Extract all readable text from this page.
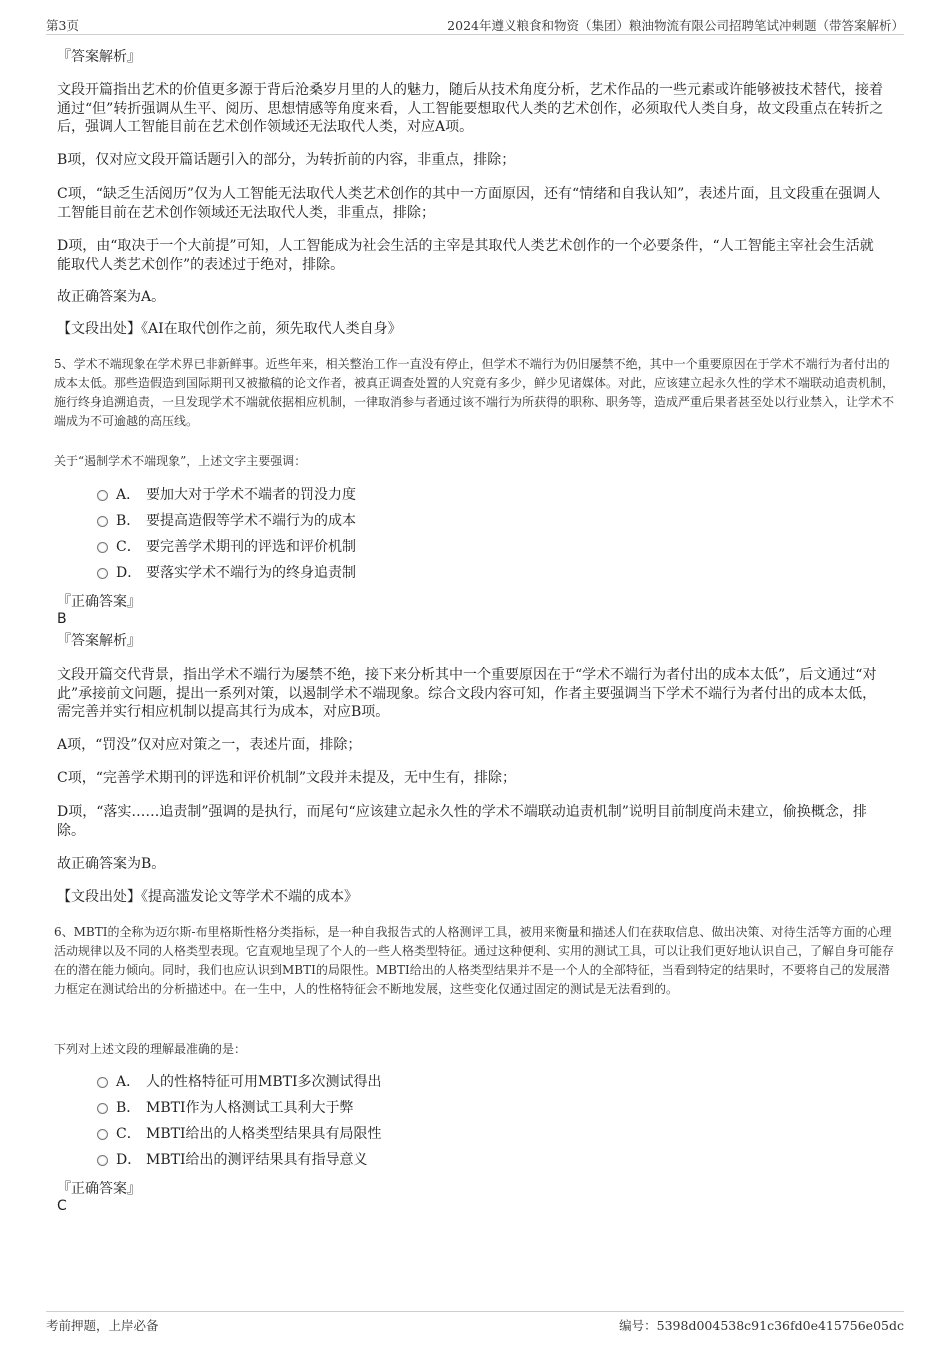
第3页	2024年遵义粮食和物资（集团）粮油物流有限公司招聘笔试冲刺题（带答案解析）
『答案解析』
文段开篇指出艺术的价值更多源于背后沧桑岁月里的人的魅力，随后从技术角度分析，艺术作品的一些元素或许能够被技术替代，接着通过“但”转折强调从生平、阅历、思想情感等角度来看，人工智能要想取代人类的艺术创作，必须取代人类自身，故文段重点在转折之后，强调人工智能目前在艺术创作领域还无法取代人类，对应A项。
B项，仅对应文段开篇话题引入的部分，为转折前的内容，非重点，排除；
C项，“缺乏生活阅历”仅为人工智能无法取代人类艺术创作的其中一方面原因，还有“情绪和自我认知”，表述片面，且文段重在强调人工智能目前在艺术创作领域还无法取代人类，非重点，排除；
D项，由“取决于一个大前提”可知，人工智能成为社会生活的主宰是其取代人类艺术创作的一个必要条件，“人工智能主宰社会生活就能取代人类艺术创作”的表述过于绝对，排除。
故正确答案为A。
【文段出处】《AI在取代创作之前，须先取代人类自身》
5、学术不端现象在学术界已非新鲜事。近些年来，相关整治工作一直没有停止，但学术不端行为仍旧屡禁不绝，其中一个重要原因在于学术不端行为者付出的成本太低。那些造假造到国际期刊又被撤稿的论文作者，被真正调查处置的人究竟有多少，鲜少见诸媒体。对此，应该建立起永久性的学术不端联动追责机制，施行终身追溯追责，一旦发现学术不端就依据相应机制，一律取消参与者通过该不端行为所获得的职称、职务等，造成严重后果者甚至处以行业禁入，让学术不端成为不可逾越的高压线。
关于“遏制学术不端现象”，上述文字主要强调：
A． 要加大对于学术不端者的罚没力度
B． 要提高造假等学术不端行为的成本
C． 要完善学术期刊的评选和评价机制
D． 要落实学术不端行为的终身追责制
『正确答案』
B
『答案解析』
文段开篇交代背景，指出学术不端行为屡禁不绝，接下来分析其中一个重要原因在于“学术不端行为者付出的成本太低”，后文通过“对此”承接前文问题，提出一系列对策，以遏制学术不端现象。综合文段内容可知，作者主要强调当下学术不端行为者付出的成本太低，需完善并实行相应机制以提高其行为成本，对应B项。
A项，“罚没”仅对应对策之一，表述片面，排除；
C项，“完善学术期刊的评选和评价机制”文段并未提及，无中生有，排除；
D项，“落实……追责制”强调的是执行，而尾句“应该建立起永久性的学术不端联动追责机制”说明目前制度尚未建立，偷换概念，排除。
故正确答案为B。
【文段出处】《提高滥发论文等学术不端的成本》
6、MBTI的全称为迈尔斯-布里格斯性格分类指标，是一种自我报告式的人格测评工具，被用来衡量和描述人们在获取信息、做出决策、对待生活等方面的心理活动规律以及不同的人格类型表现。它直观地呈现了个人的一些人格类型特征。通过这种便利、实用的测试工具，可以让我们更好地认识自己，了解自身可能存在的潜在能力倾向。同时，我们也应认识到MBTI的局限性。MBTI给出的人格类型结果并不是一个人的全部特征，当看到特定的结果时，不要将自己的发展潜力框定在测试给出的分析描述中。在一生中，人的性格特征会不断地发展，这些变化仅通过固定的测试是无法看到的。
下列对上述文段的理解最准确的是：
A． 人的性格特征可用MBTI多次测试得出
B． MBTI作为人格测试工具利大于弊
C． MBTI给出的人格类型结果具有局限性
D． MBTI给出的测评结果具有指导意义
『正确答案』
C
考前押题，上岸必备	编号：5398d004538c91c36fd0e415756e05dc
